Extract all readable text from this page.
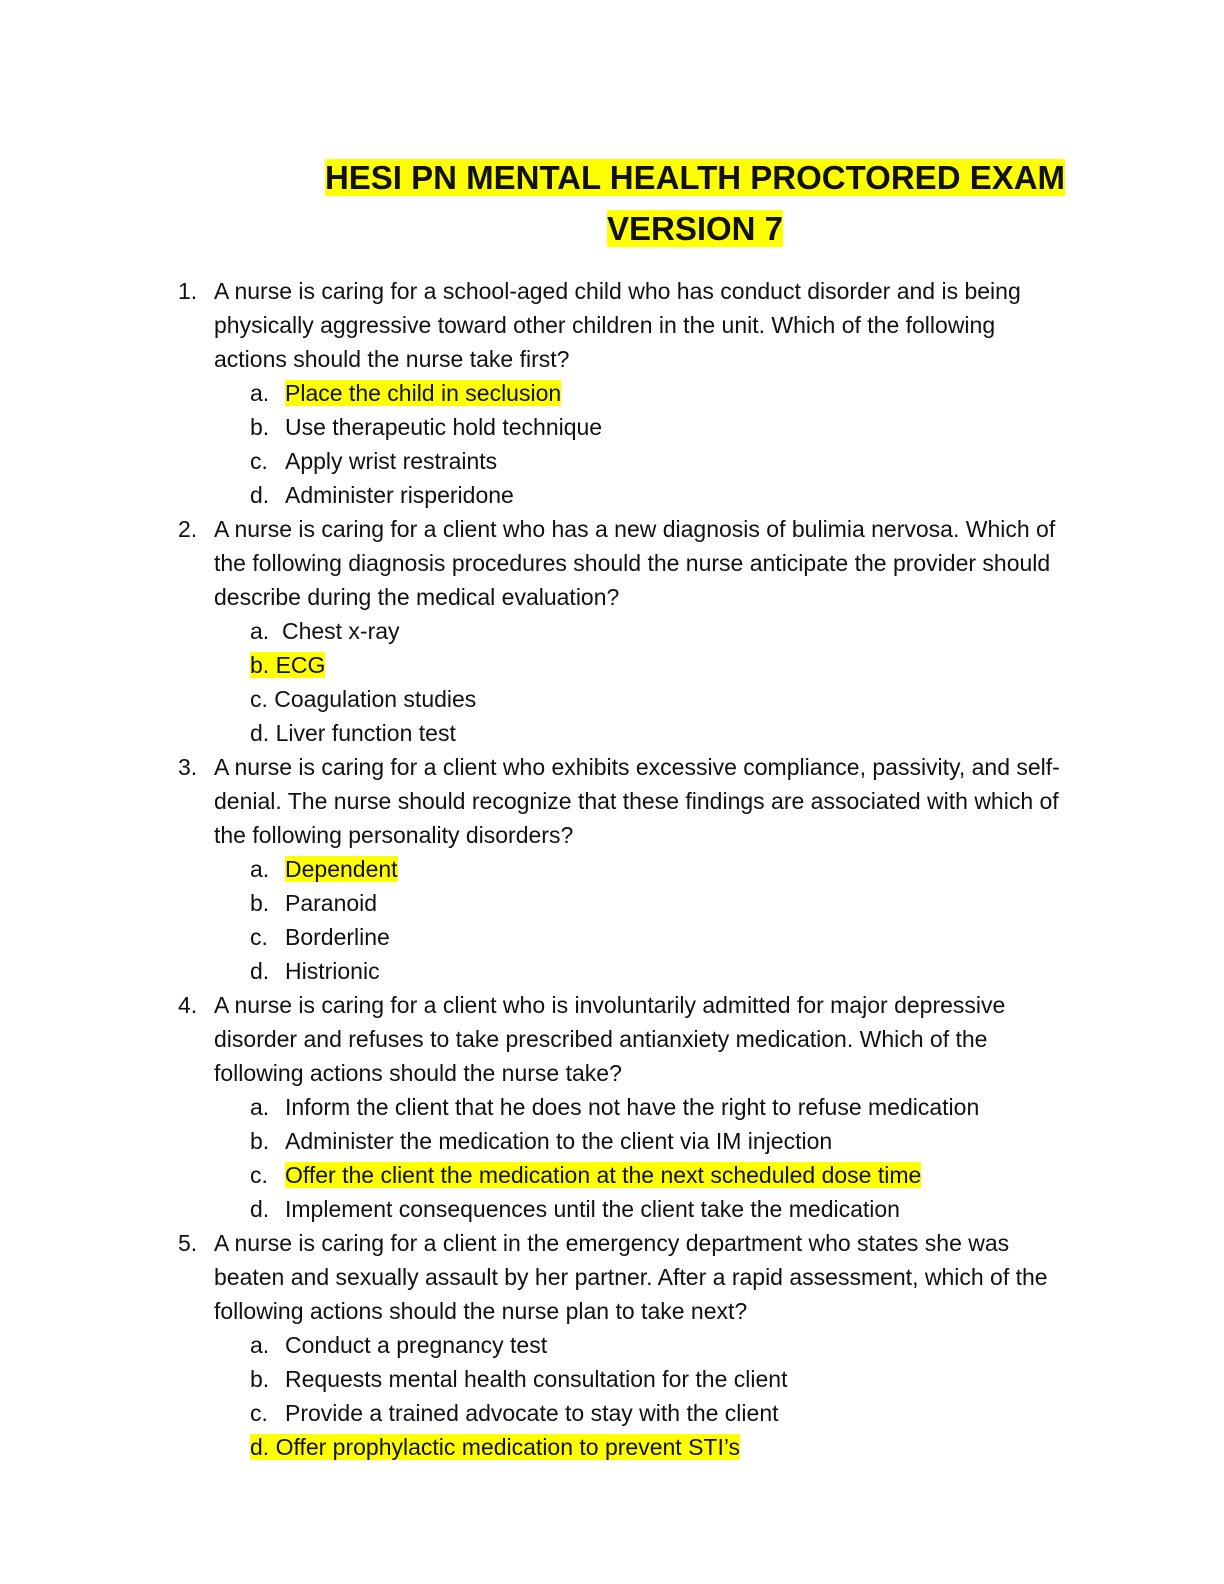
HESI PN MENTAL HEALTH PROCTORED EXAM
VERSION 7
1. A nurse is caring for a school-aged child who has conduct disorder and is being physically aggressive toward other children in the unit. Which of the following actions should the nurse take first?
a. Place the child in seclusion
b. Use therapeutic hold technique
c. Apply wrist restraints
d. Administer risperidone
2. A nurse is caring for a client who has a new diagnosis of bulimia nervosa. Which of the following diagnosis procedures should the nurse anticipate the provider should describe during the medical evaluation?
a.  Chest x-ray
b. ECG
c. Coagulation studies
d. Liver function test
3. A nurse is caring for a client who exhibits excessive compliance, passivity, and self-denial. The nurse should recognize that these findings are associated with which of the following personality disorders?
a. Dependent
b. Paranoid
c. Borderline
d. Histrionic
4. A nurse is caring for a client who is involuntarily admitted for major depressive disorder and refuses to take prescribed antianxiety medication. Which of the following actions should the nurse take?
a. Inform the client that he does not have the right to refuse medication
b. Administer the medication to the client via IM injection
c. Offer the client the medication at the next scheduled dose time
d. Implement consequences until the client take the medication
5. A nurse is caring for a client in the emergency department who states she was beaten and sexually assault by her partner. After a rapid assessment, which of the following actions should the nurse plan to take next?
a. Conduct a pregnancy test
b. Requests mental health consultation for the client
c. Provide a trained advocate to stay with the client
d. Offer prophylactic medication to prevent STI’s
